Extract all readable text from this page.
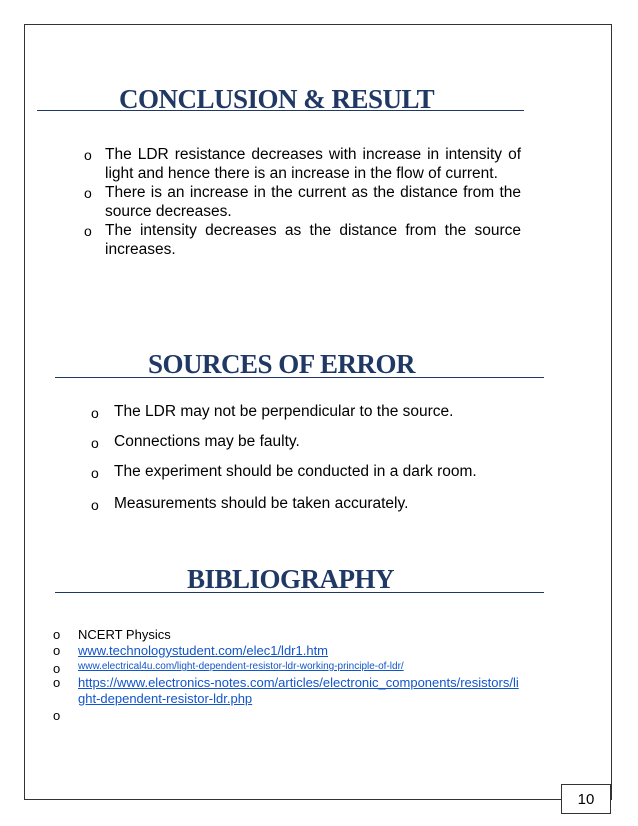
CONCLUSION & RESULT
o The LDR resistance decreases with increase in intensity of light and hence there is an increase in the flow of current.
o There is an increase in the current as the distance from the source decreases.
o The intensity decreases as the distance from the source increases.
SOURCES OF ERROR
o The LDR may not be perpendicular to the source.
o Connections may be faulty.
o The experiment should be conducted in a dark room.
o Measurements should be taken accurately.
BIBLIOGRAPHY
o NCERT Physics
o www.technologystudent.com/elec1/ldr1.htm
o www.electrical4u.com/light-dependent-resistor-ldr-working-principle-of-ldr/
o https://www.electronics-notes.com/articles/electronic_components/resistors/light-dependent-resistor-ldr.php
o
10
